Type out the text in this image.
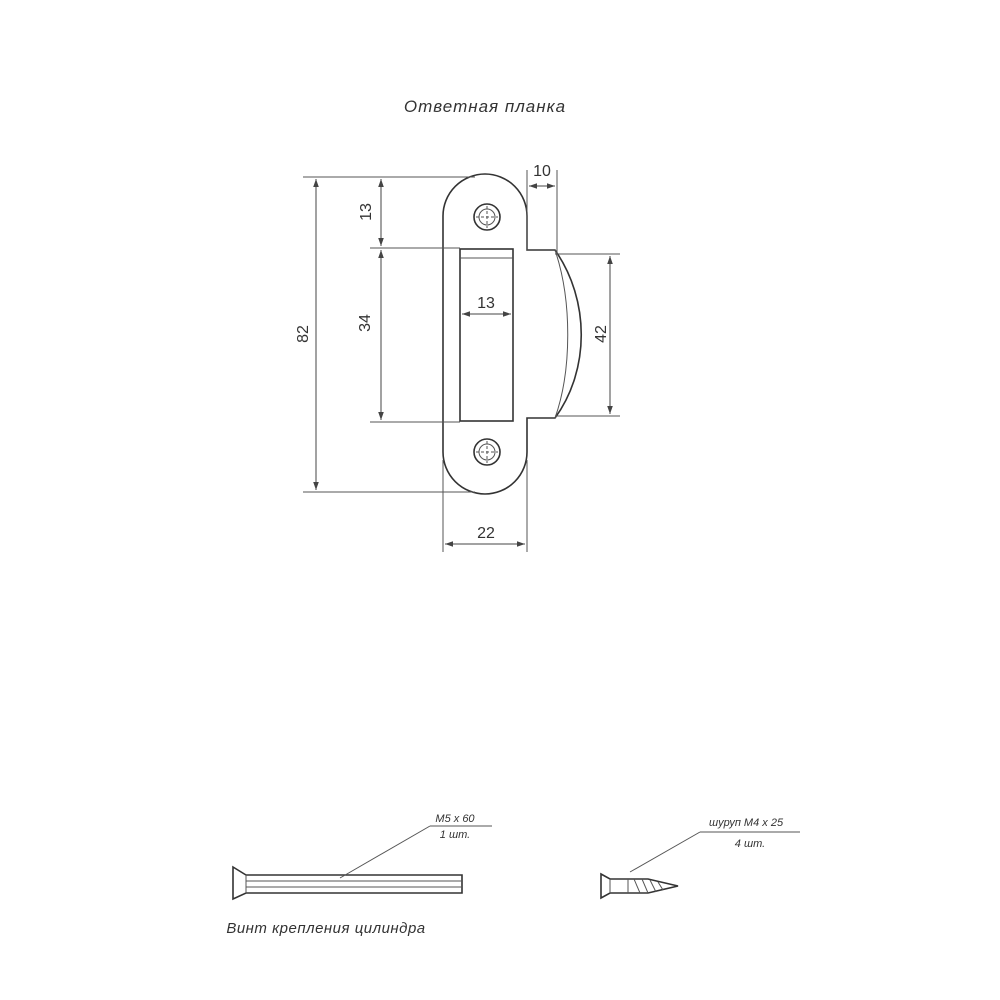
Ответная планка
82
13
34
42
13
10
22
M5 x 60
1 шт.
Винт крепления цилиндра
шуруп М4 х 25
4 шт.
